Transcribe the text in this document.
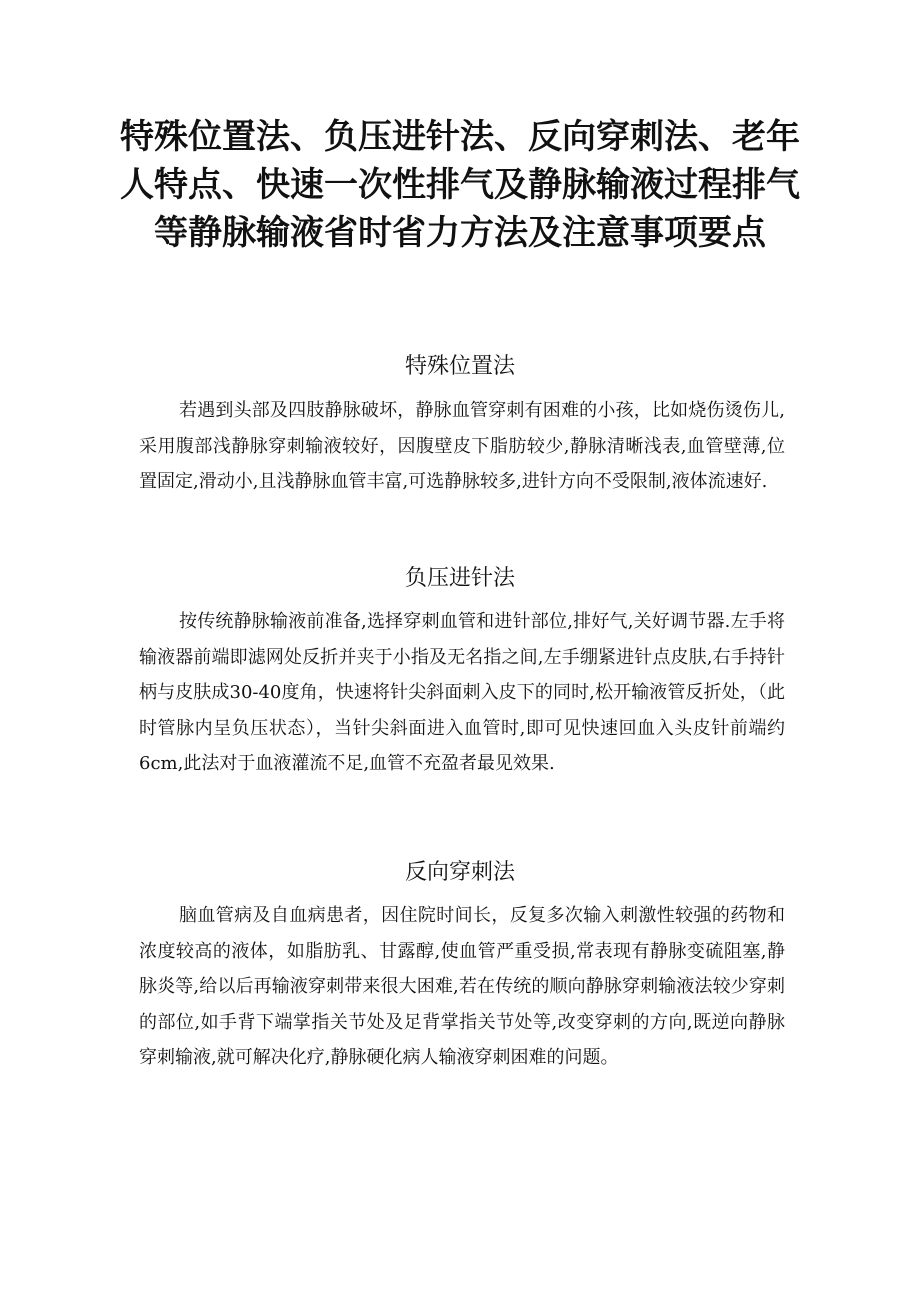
特殊位置法、负压进针法、反向穿刺法、老年人特点、快速一次性排气及静脉输液过程排气等静脉输液省时省力方法及注意事项要点
特殊位置法

若遇到头部及四肢静脉破坏，静脉血管穿刺有困难的小孩，比如烧伤烫伤儿,采用腹部浅静脉穿刺输液较好，因腹壁皮下脂肪较少,静脉清晰浅表,血管壁薄,位置固定,滑动小,且浅静脉血管丰富,可选静脉较多,进针方向不受限制,液体流速好.

负压进针法

按传统静脉输液前准备,选择穿刺血管和进针部位,排好气,关好调节器.左手将输液器前端即滤网处反折并夹于小指及无名指之间,左手绷紧进针点皮肤,右手持针柄与皮肤成30-40度角，快速将针尖斜面刺入皮下的同时,松开输液管反折处，（此时管脉内呈负压状态），当针尖斜面进入血管时,即可见快速回血入头皮针前端约6cm,此法对于血液灌流不足,血管不充盈者最见效果.

反向穿刺法

脑血管病及自血病患者，因住院时间长，反复多次输入刺激性较强的药物和浓度较高的液体，如脂肪乳、甘露醇,使血管严重受损,常表现有静脉变硫阻塞,静脉炎等,给以后再输液穿刺带来很大困难,若在传统的顺向静脉穿刺输液法较少穿刺的部位,如手背下端掌指关节处及足背掌指关节处等,改变穿刺的方向,既逆向静脉穿刺输液,就可解决化疗,静脉硬化病人输液穿刺困难的问题。
